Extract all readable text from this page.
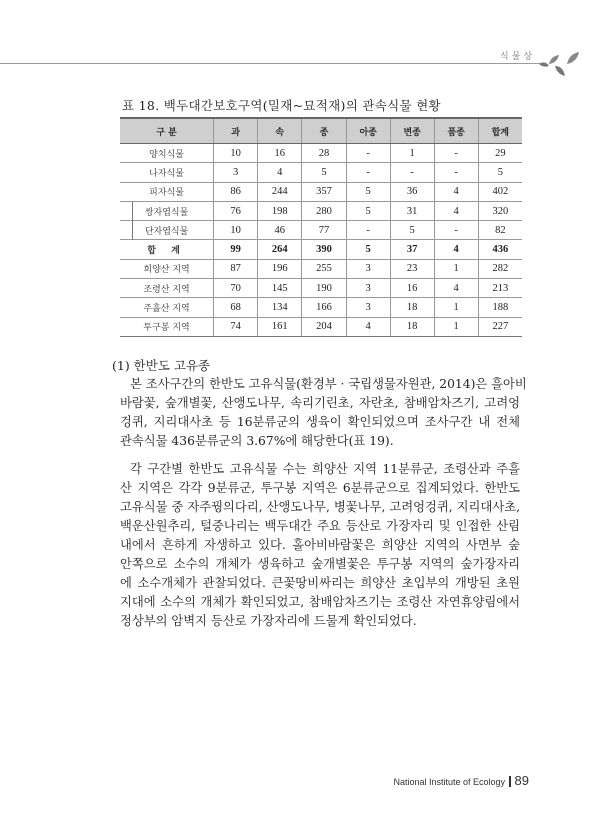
식물상
표 18. 백두대간보호구역(밀재~묘적재)의 관속식물 현황
구 분	과	속	종	아종	변종	품종	합계
양치식물	10	16	28	-	1	-	29
나자식물	3	4	5	-	-	-	5
피자식물	86	244	357	5	36	4	402
쌍자엽식물	76	198	280	5	31	4	320
단자엽식물	10	46	77	-	5	-	82
합 계	99	264	390	5	37	4	436
희양산 지역	87	196	255	3	23	1	282
조령산 지역	70	145	190	3	16	4	213
주흘산 지역	68	134	166	3	18	1	188
투구봉 지역	74	161	204	4	18	1	227
(1) 한반도 고유종
본 조사구간의 한반도 고유식물(환경부 · 국립생물자원관, 2014)은 흘아비
바람꽃, 숲개별꽃, 산앵도나무, 속리기린초, 자란초, 참배암차즈기, 고려엉
겅퀴, 지리대사초 등 16분류군의 생육이 확인되었으며 조사구간 내 전체
관속식물 436분류군의 3.67%에 해당한다(표 19).
각 구간별 한반도 고유식물 수는 희양산 지역 11분류군, 조령산과 주흘
산 지역은 각각 9분류군, 투구봉 지역은 6분류군으로 집계되었다. 한반도
고유식물 중 자주꿩의다리, 산앵도나무, 병꽃나무, 고려엉겅퀴, 지리대사초,
백운산원추리, 털중나리는 백두대간 주요 등산로 가장자리 및 인접한 산림
내에서 흔하게 자생하고 있다. 홀아비바람꽃은 희양산 지역의 사면부 숲
안쪽으로 소수의 개체가 생육하고 숲개별꽃은 투구봉 지역의 숲가장자리
에 소수개체가 관찰되었다. 큰꽃땅비싸리는 희양산 초입부의 개방된 초원
지대에 소수의 개체가 확인되었고, 참배암차즈기는 조령산 자연휴양림에서
정상부의 암벽지 등산로 가장자리에 드물게 확인되었다.
National Institute of Ecology 89
